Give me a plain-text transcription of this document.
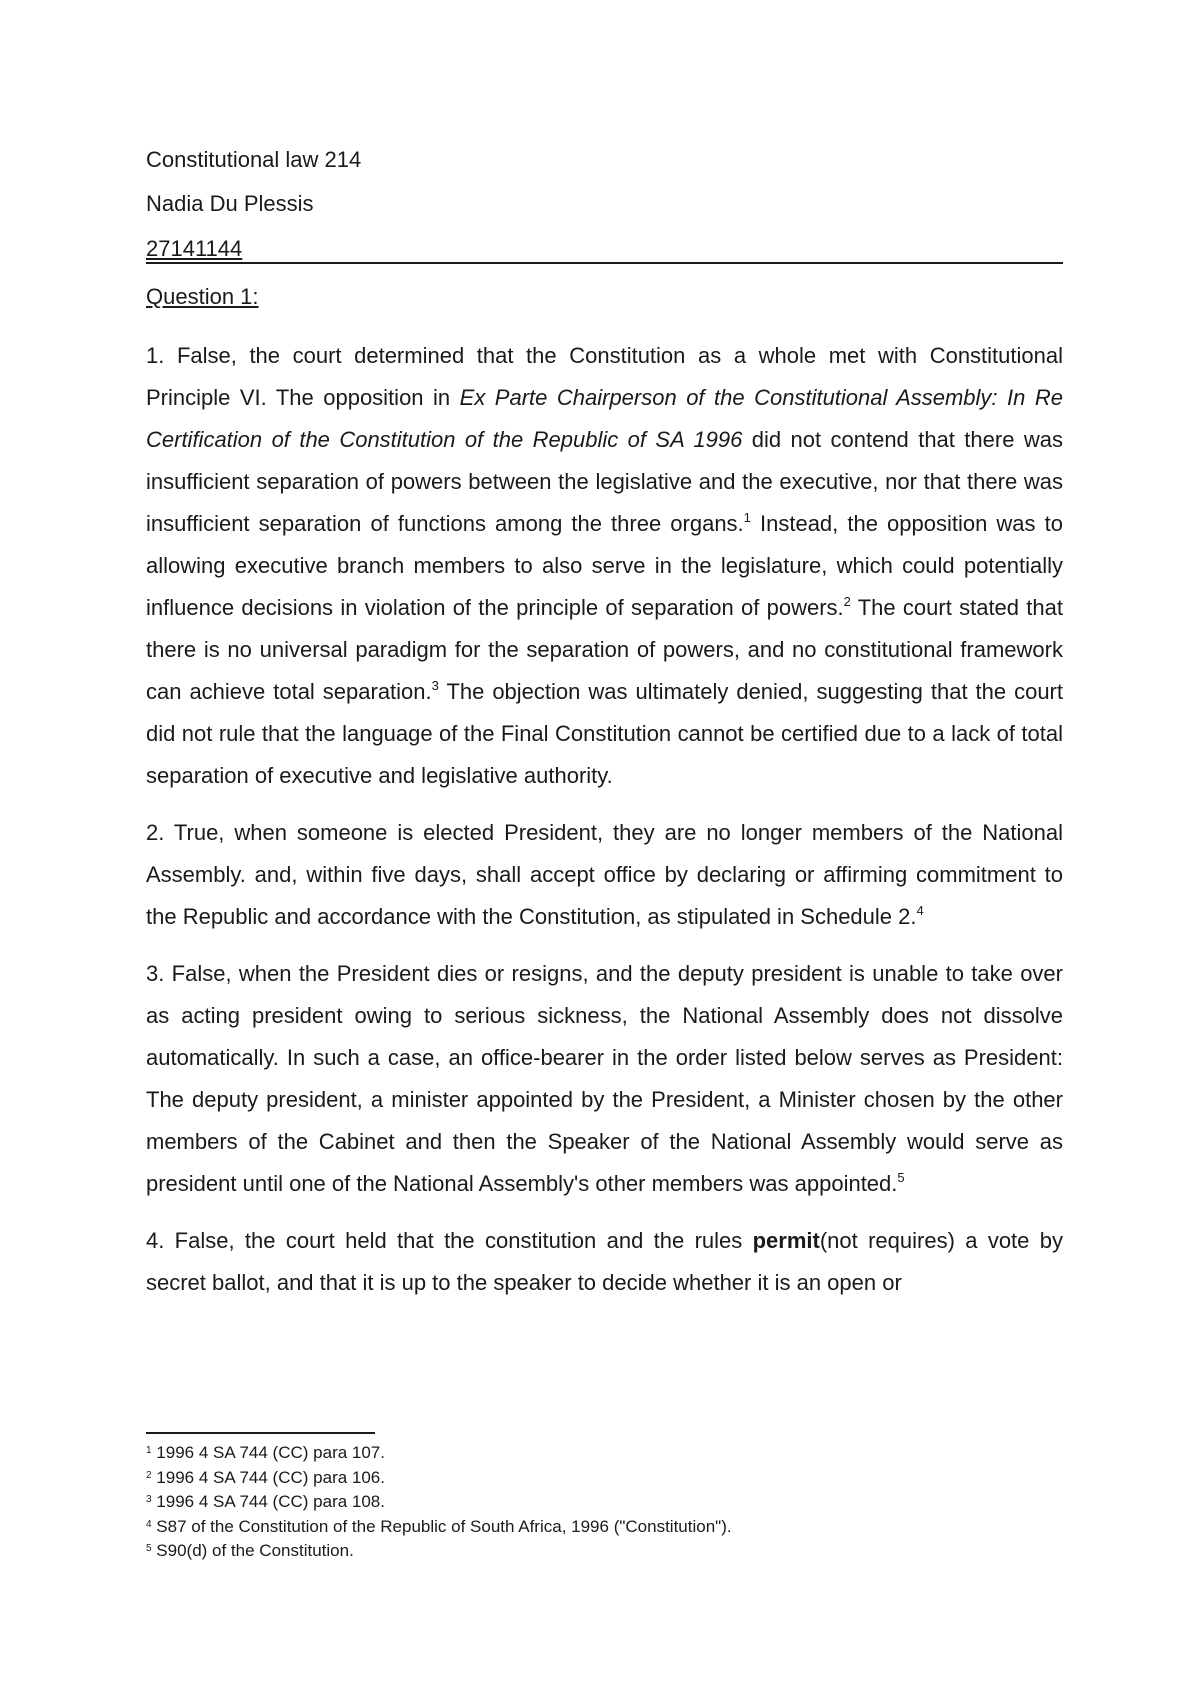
Constitutional law 214
Nadia Du Plessis
27141144
Question 1:

1. False, the court determined that the Constitution as a whole met with Constitutional Principle VI. The opposition in Ex Parte Chairperson of the Constitutional Assembly: In Re Certification of the Constitution of the Republic of SA 1996 did not contend that there was insufficient separation of powers between the legislative and the executive, nor that there was insufficient separation of functions among the three organs.$^1$ Instead, the opposition was to allowing executive branch members to also serve in the legislature, which could potentially influence decisions in violation of the principle of separation of powers.$^2$ The court stated that there is no universal paradigm for the separation of powers, and no constitutional framework can achieve total separation.$^3$ The objection was ultimately denied, suggesting that the court did not rule that the language of the Final Constitution cannot be certified due to a lack of total separation of executive and legislative authority.

2. True, when someone is elected President, they are no longer members of the National Assembly. and, within five days, shall accept office by declaring or affirming commitment to the Republic and accordance with the Constitution, as stipulated in Schedule 2.$^4$

3. False, when the President dies or resigns, and the deputy president is unable to take over as acting president owing to serious sickness, the National Assembly does not dissolve automatically. In such a case, an office-bearer in the order listed below serves as President: The deputy president, a minister appointed by the President, a Minister chosen by the other members of the Cabinet and then the Speaker of the National Assembly would serve as president until one of the National Assembly's other members was appointed.$^5$

4. False, the court held that the constitution and the rules permit(not requires) a vote by secret ballot, and that it is up to the speaker to decide whether it is an open or

$^1$ 1996 4 SA 744 (CC) para 107.
$^2$ 1996 4 SA 744 (CC) para 106.
$^3$ 1996 4 SA 744 (CC) para 108.
$^4$ S87 of the Constitution of the Republic of South Africa, 1996 ("Constitution").
$^5$ S90(d) of the Constitution.
